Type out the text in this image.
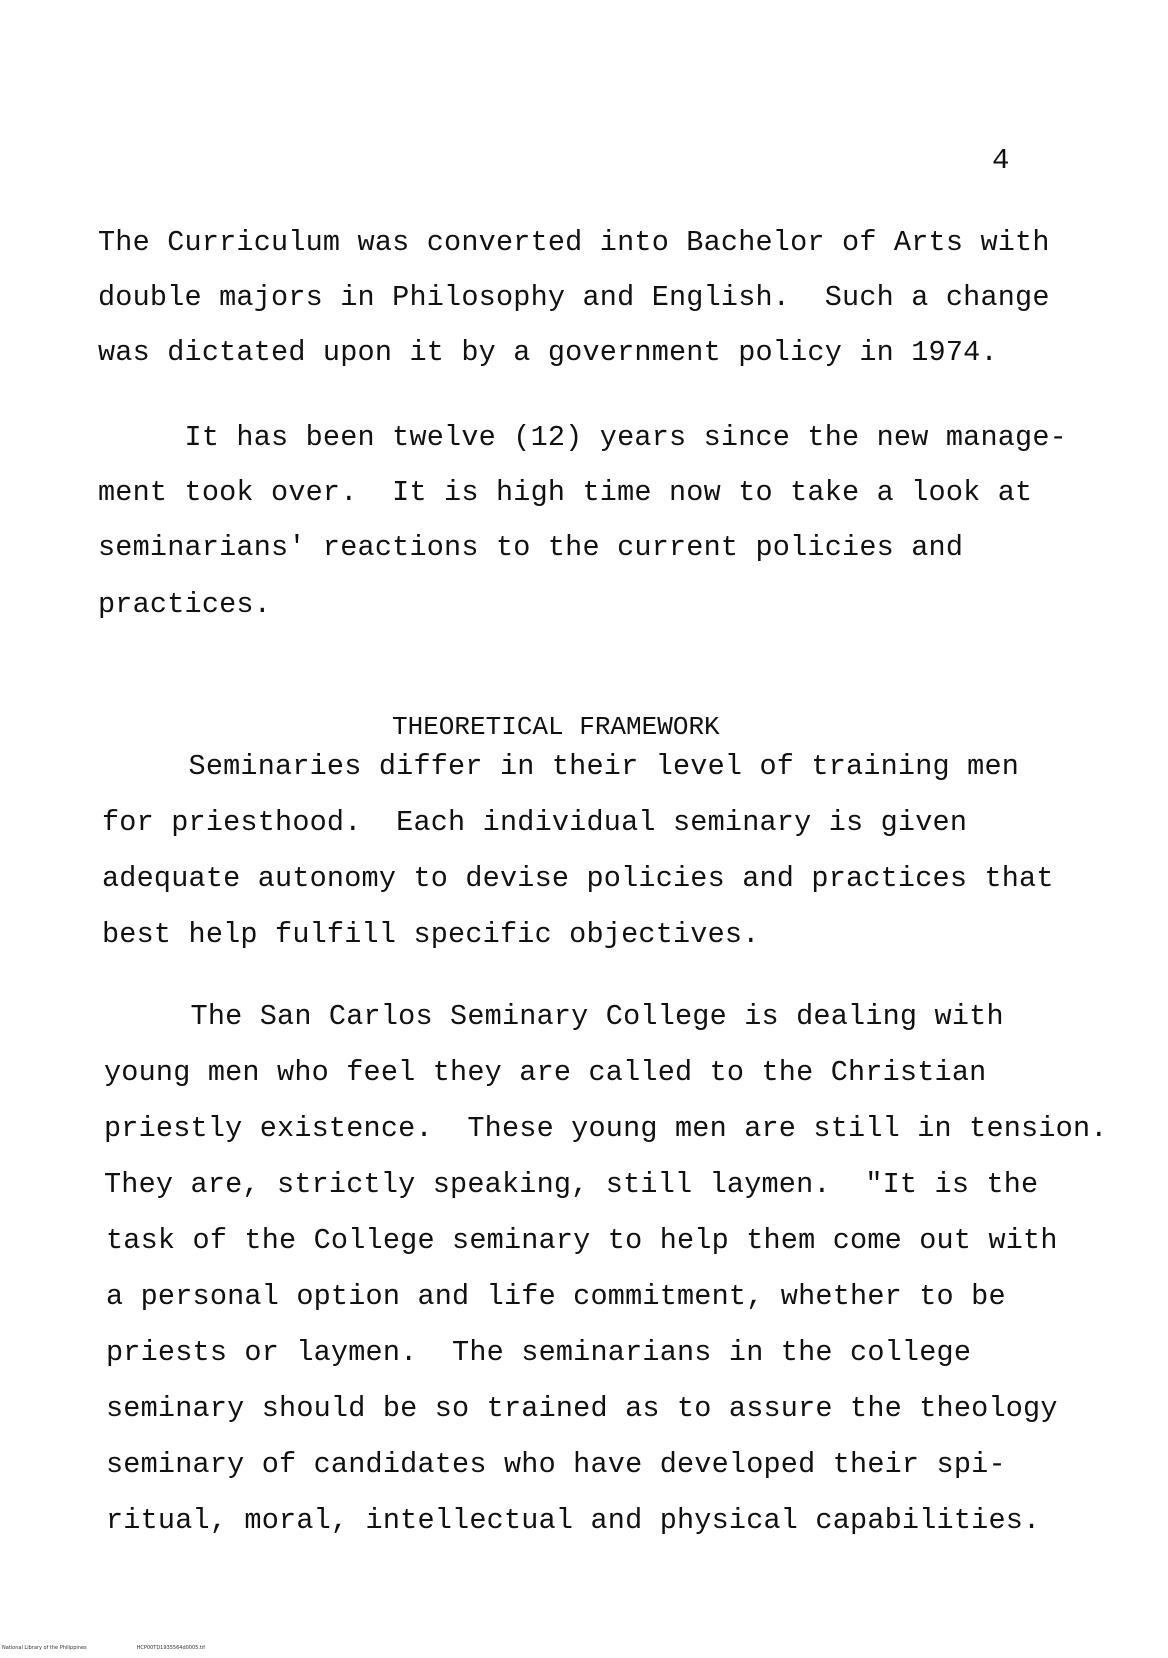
4
The Curriculum was converted into Bachelor of Arts with
double majors in Philosophy and English.  Such a change
was dictated upon it by a government policy in 1974.
It has been twelve (12) years since the new manage-
ment took over.  It is high time now to take a look at
seminarians' reactions to the current policies and
practices.
THEORETICAL FRAMEWORK
Seminaries differ in their level of training men
for priesthood.  Each individual seminary is given
adequate autonomy to devise policies and practices that
best help fulfill specific objectives.
The San Carlos Seminary College is dealing with
young men who feel they are called to the Christian
priestly existence.  These young men are still in tension.
They are, strictly speaking, still laymen.  "It is the
task of the College seminary to help them come out with
a personal option and life commitment, whether to be
priests or laymen.  The seminarians in the college
seminary should be so trained as to assure the theology
seminary of candidates who have developed their spi-
ritual, moral, intellectual and physical capabilities.
National Library of the Philippines	HCP00TD1935564d0005.tif
